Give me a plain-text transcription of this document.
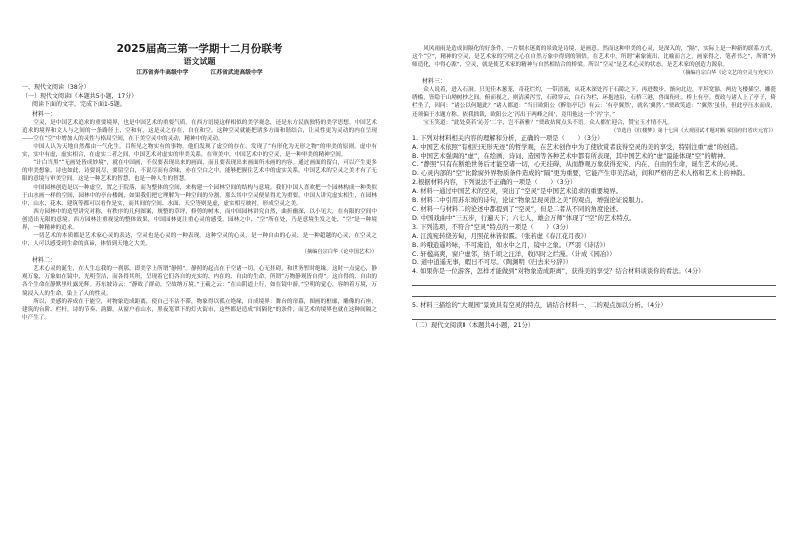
2025届高三第一学期十二月份联考
语文试题
江苏省奔牛高级中学	江苏省武进高级中学

一、现代文阅读（38分）

（一）现代文阅读Ⅰ（本题共5小题，17分）

阅读下面的文字，完成下面1-5题。

材料一：

空灵，是中国艺术追求的重要境界，也是中国艺术的重要气质。在西方语境这样相似的美学观念，还是东方民族独特的美学思想。中国艺术追求的境界和文人与之间的一条路径上，空和有，这是灵之存在，自在和空。这种空灵就能把诸多方面和谐结合，让灵性更为灵动的内在呈现——空在“空”中增加人的灵性与格局空间，在于美空灵中的灵动，精神中的灵动。

中国人认为天地自然都由一气化生，目所见之物实有的事物，他们发现了虚空的存在，发现了“有形化为无形之物”的审美的原则。虚中有实，实中有虚，虚实相合，在虚实二者之间，中国艺术对虚实的审美关系，在审美中，中国艺术中的空灵，是一种审美的精神空间。

“计白当黑”“无画处皆成妙境”，就在中国画，不仅要表现出来的画面，而且要表现出来画面所未画的内容。通过画面的留白，可以产生更多的审美想象。诗也如此，诗要说尽，要留空白，不说尽而有余味，亦在空白之中。能够把握住艺术中的虚实关系，中国艺术的空灵之美才有了无限的意境与审美空间。这是一种艺术的智慧，也是一种人生的智慧。

中国园林创造是以一种虚空，置之于院落，而为整体的空间，来构建一个园林空间的结构与意境。我们中国人喜欢把一个园林构成一种类似于山水画一样的空间，园林中的亭台楼阁，如果我们把它理解为一种空间的分割，那么其中空灵便显得尤为重要。中国人讲究虚实相生，在园林中，山水、花木、建筑等都可以看作是实，而其间的空间、水面、天空等则是虚，虚实相互映衬，形成空灵之美。

西方园林中的造型讲究对称，有秩序的几何图案，规整的草坪，修剪的树木，而中国园林讲究自然，曲折幽深，以小见大，在有限的空间中创造出无限的意境。西方园林注重视觉的整体效果，中国园林更注重心灵的感受。园林之中，“空”所在处，乃是意境生发之处，“空”是一种境界，一种精神的追求。

一切艺术的本质都是艺术家心灵的表达，空灵也是心灵的一种表现。这种空灵的心灵，是一种自由的心灵，是一种超越的心灵，在空灵之中，人可以感受到生命的真谛，体悟到天地之大美。

（摘编自宗白华《论中国艺术》）

材料二：

艺术心灵的诞生，在人生忘我的一刹那，即美学上所谓“静照”。静照的起点在于空诸一切，心无挂碍，和世务暂时绝缘。这时一点觉心，静观万象，万象如在镜中，光明莹洁，而各得其所，呈现着它们各自的充实的、内在的、自由的生命，所谓“万物静观皆自得”。这自得的、自由的各个生命在静默里吐露光辉。苏东坡诗云：“静故了群动，空故纳万境。”王羲之云：“在山阴道上行，如在镜中游。”空明的觉心，容纳着万境，万境浸入人的生命，染上了人的性灵。

所以，美感的养成在于能空，对物象造成距离，使自己不沾不滞，物象得以孤立绝缘，自成境界：舞台的帘幕，图画的框廓，雕像的石座，建筑的台阶、栏杆，诗的节奏、韵脚，从窗户看山水，黑夜笼罩下的灯火街市，这些都是造成“间隔化”的条件，而艺术的境界也就在这种间隔之中产生了。

风风雨雨是造成间隔化的好条件，一片烟水迷离的景致是诗境，是画意。然而这种审美的心灵，是深入的，“隔”，实际上是一种新的联系方式。这个“空”，精神的空灵，是艺术家的空明之心在自然万象中得到的领悟。在艺术中，所谓“素象流出，比喻而言之，画家得之，笔者书之”，所谓“外师造化，中得心源”，空灵，就是使艺术家的精神与自然相结合的桥梁。所以“空灵”是艺术心灵的状态，是艺术家的创造力源泉。

（摘编自宗白华《论文艺的空灵与充实》）

材料三：

众人说着，进入石洞。只见佳木葱茏，奇花烂灼，一带清流，从花木深处泻于石隙之下。再进数步，渐向北边，平坦宽豁，两边飞楼插空，雕甍绣槛，皆隐于山坳树杪之间。俯而视之，则清溪泻雪，石磴穿云，白石为栏，环抱池沿，石桥三港，兽面衔吐。桥上有亭。贾政与诸人上了亭子，倚栏坐了，因问：“诸公以何题此？”诸人都道：“当日欧阳公《醉翁亭记》有云：‘有亭翼然’，就名‘翼然’。”贾政笑道：“‘翼然’虽佳，但此亭压水而成，还须偏于水题方称。依我拙裁，欧阳公之‘泻出于两峰之间’，竟用他这一个‘泻’字。”

宝玉笑道：“此处莫若‘沁芳’二字，岂不新雅？”贾政拈髯点头不语。众人都忙迎合，赞宝玉才情不凡。

（节选自《红楼梦》第十七回《大观园试才题对额 荣国府归省庆元宵》）

1. 下列对材料相关内容的理解和分析，正确的一项是（　　）（3分）

A. 中国艺术依照“有相归无形无迹”的哲学观，在艺术创作中为了使欣赏者获得空灵的美的享受，特别注重“虚”的创造。

B. 中国艺术强调的“虚”，在绘画、诗词、造园等各种艺术中都有所表现，其中国艺术的“虚”最能体现“空”的精神。

C. “静照”只有在断绝世务后才能空诸一切，心无挂碍，从而静观万象获得充实、内在、自由的生命，诞生艺术的心灵。

D. 心灵内部的“空”比除窗外界物质条件造成的“隔”更为重要，它能产生审美活动，间和严格的艺术人格和艺术上的神韵。

2.根据材料内容，下列说法不正确的一项是（　　）（3分）

A. 材料一通过中国艺术的空灵，突出了“空灵”是中国艺术追求的重要境界。

B. 材料二中引用苏东坡的诗句，论证“物象呈现灵澄之美”的观点，增强论证说服力。

C. 材料一与材料二的论述中都提到了“空灵”，但是二者从不同的角度论述。

D. 中国戏曲中“三五步，行遍天下；六七人，雄会万师”体现了“空”的艺术特点。

3. 下列选项，不符合“空灵”特点的一项是（　　）（3分）

A. 江流宛转绕芳甸，月照花林皆似霰。（张若虚《春江花月夜》）

B. 吟哦逍遥吟咏，不可淹泊，如水中之月，镜中之象。（严羽《诗话》）

C. 轩楹高爽，窗户虚邻，纳千顷之汪洋，收四时之烂漫。（计成《园冶》）

D. 道中逍遥无事，暇日不可尽。（陶渊明《归去来兮辞》）

4. 如果你是一位游客，怎样才能做到“对物象造成距离”，获得美的享受？结合材料谈谈你的看法。（4分）

5. 材料三描绘的“大观园”景致具有空灵的特点，请结合材料一、二的观点加以分析。（4分）

（二）现代文阅读Ⅱ（本题共4小题，21分）
